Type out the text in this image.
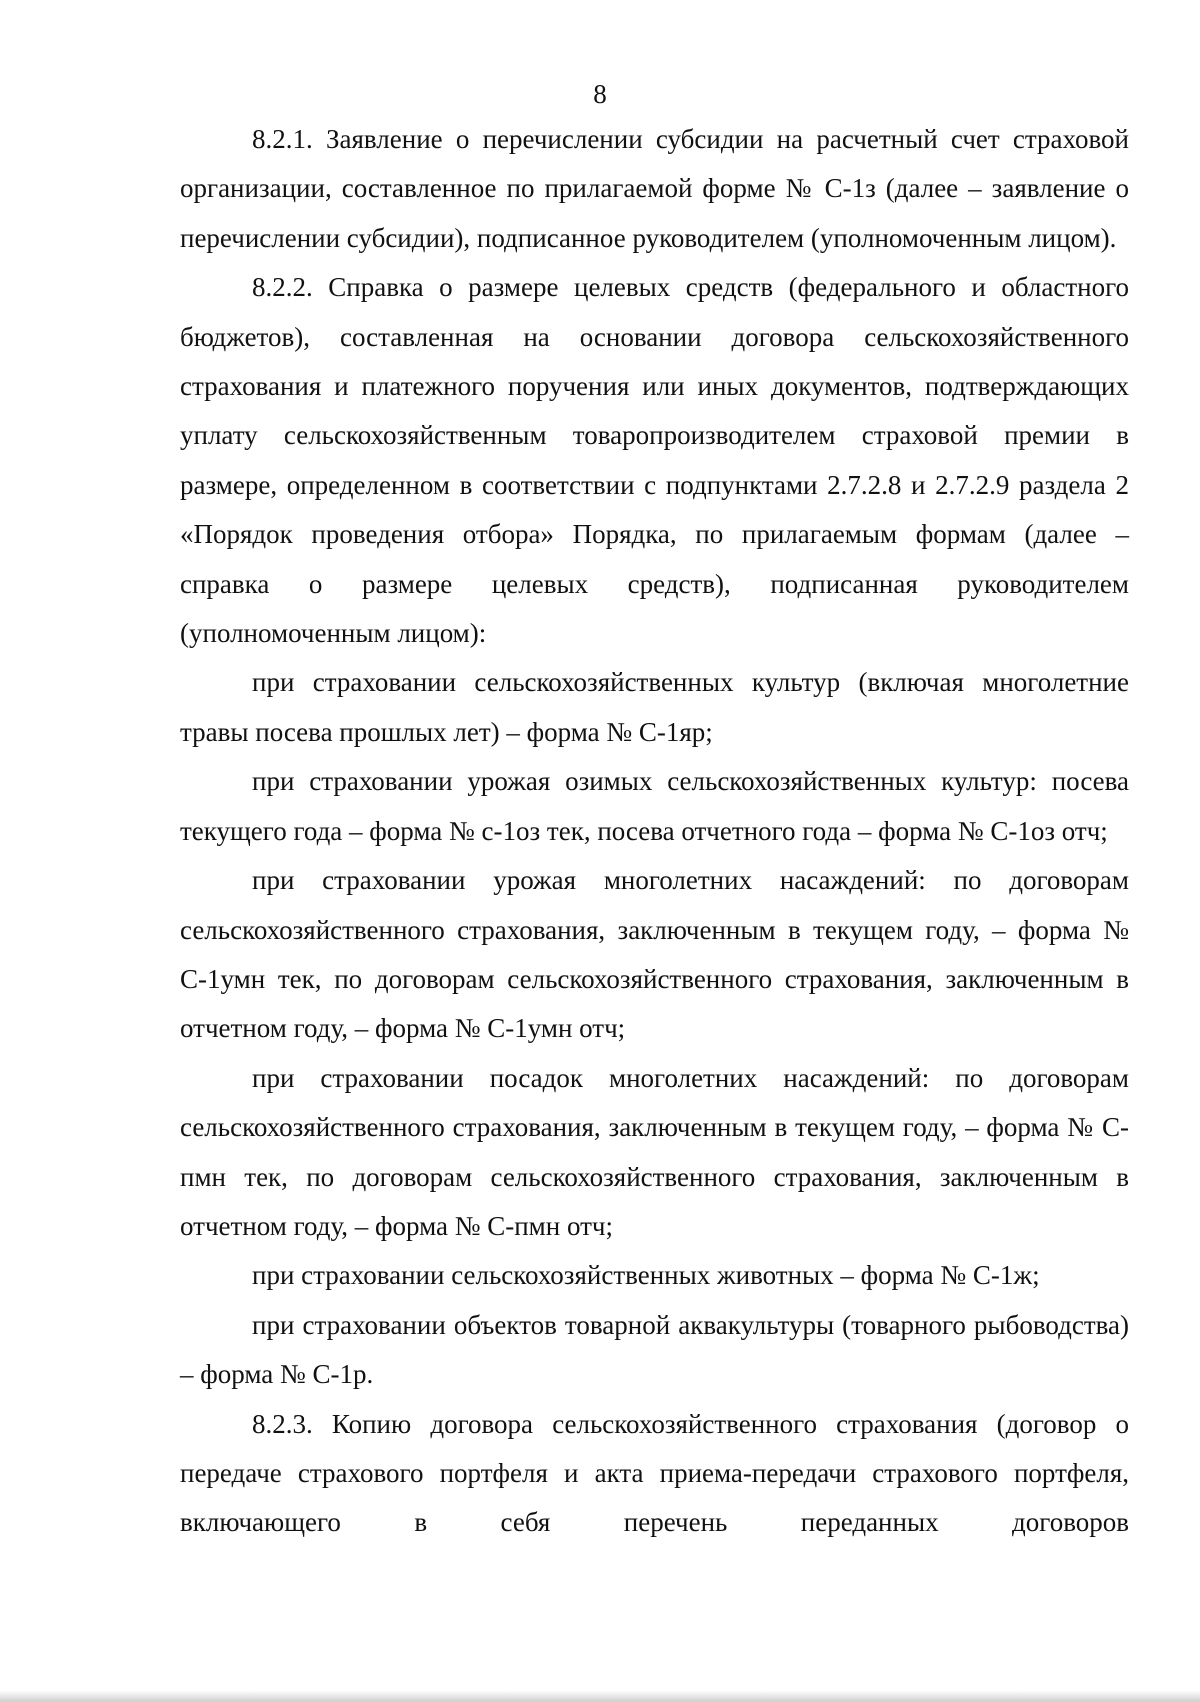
8

8.2.1. Заявление о перечислении субсидии на расчетный счет страховой организации, составленное по прилагаемой форме № С-1з (далее – заявление о перечислении субсидии), подписанное руководителем (уполномоченным лицом).

8.2.2. Справка о размере целевых средств (федерального и областного бюджетов), составленная на основании договора сельскохозяйственного страхования и платежного поручения или иных документов, подтверждающих уплату сельскохозяйственным товаропроизводителем страховой премии в размере, определенном в соответствии с подпунктами 2.7.2.8 и 2.7.2.9 раздела 2 «Порядок проведения отбора» Порядка, по прилагаемым формам (далее – справка о размере целевых средств), подписанная руководителем (уполномоченным лицом):

при страховании сельскохозяйственных культур (включая многолетние травы посева прошлых лет) – форма № С-1яр;

при страховании урожая озимых сельскохозяйственных культур: посева текущего года – форма № с-1оз тек, посева отчетного года – форма № С-1оз отч;

при страховании урожая многолетних насаждений: по договорам сельскохозяйственного страхования, заключенным в текущем году, – форма № С-1умн тек, по договорам сельскохозяйственного страхования, заключенным в отчетном году, – форма № С-1умн отч;

при страховании посадок многолетних насаждений: по договорам сельскохозяйственного страхования, заключенным в текущем году, – форма № С-пмн тек, по договорам сельскохозяйственного страхования, заключенным в отчетном году, – форма № С-пмн отч;

при страховании сельскохозяйственных животных – форма № С-1ж;

при страховании объектов товарной аквакультуры (товарного рыбоводства) – форма № С-1р.

8.2.3. Копию договора сельскохозяйственного страхования (договор о передаче страхового портфеля и акта приема-передачи страхового портфеля, включающего в себя перечень переданных договоров
